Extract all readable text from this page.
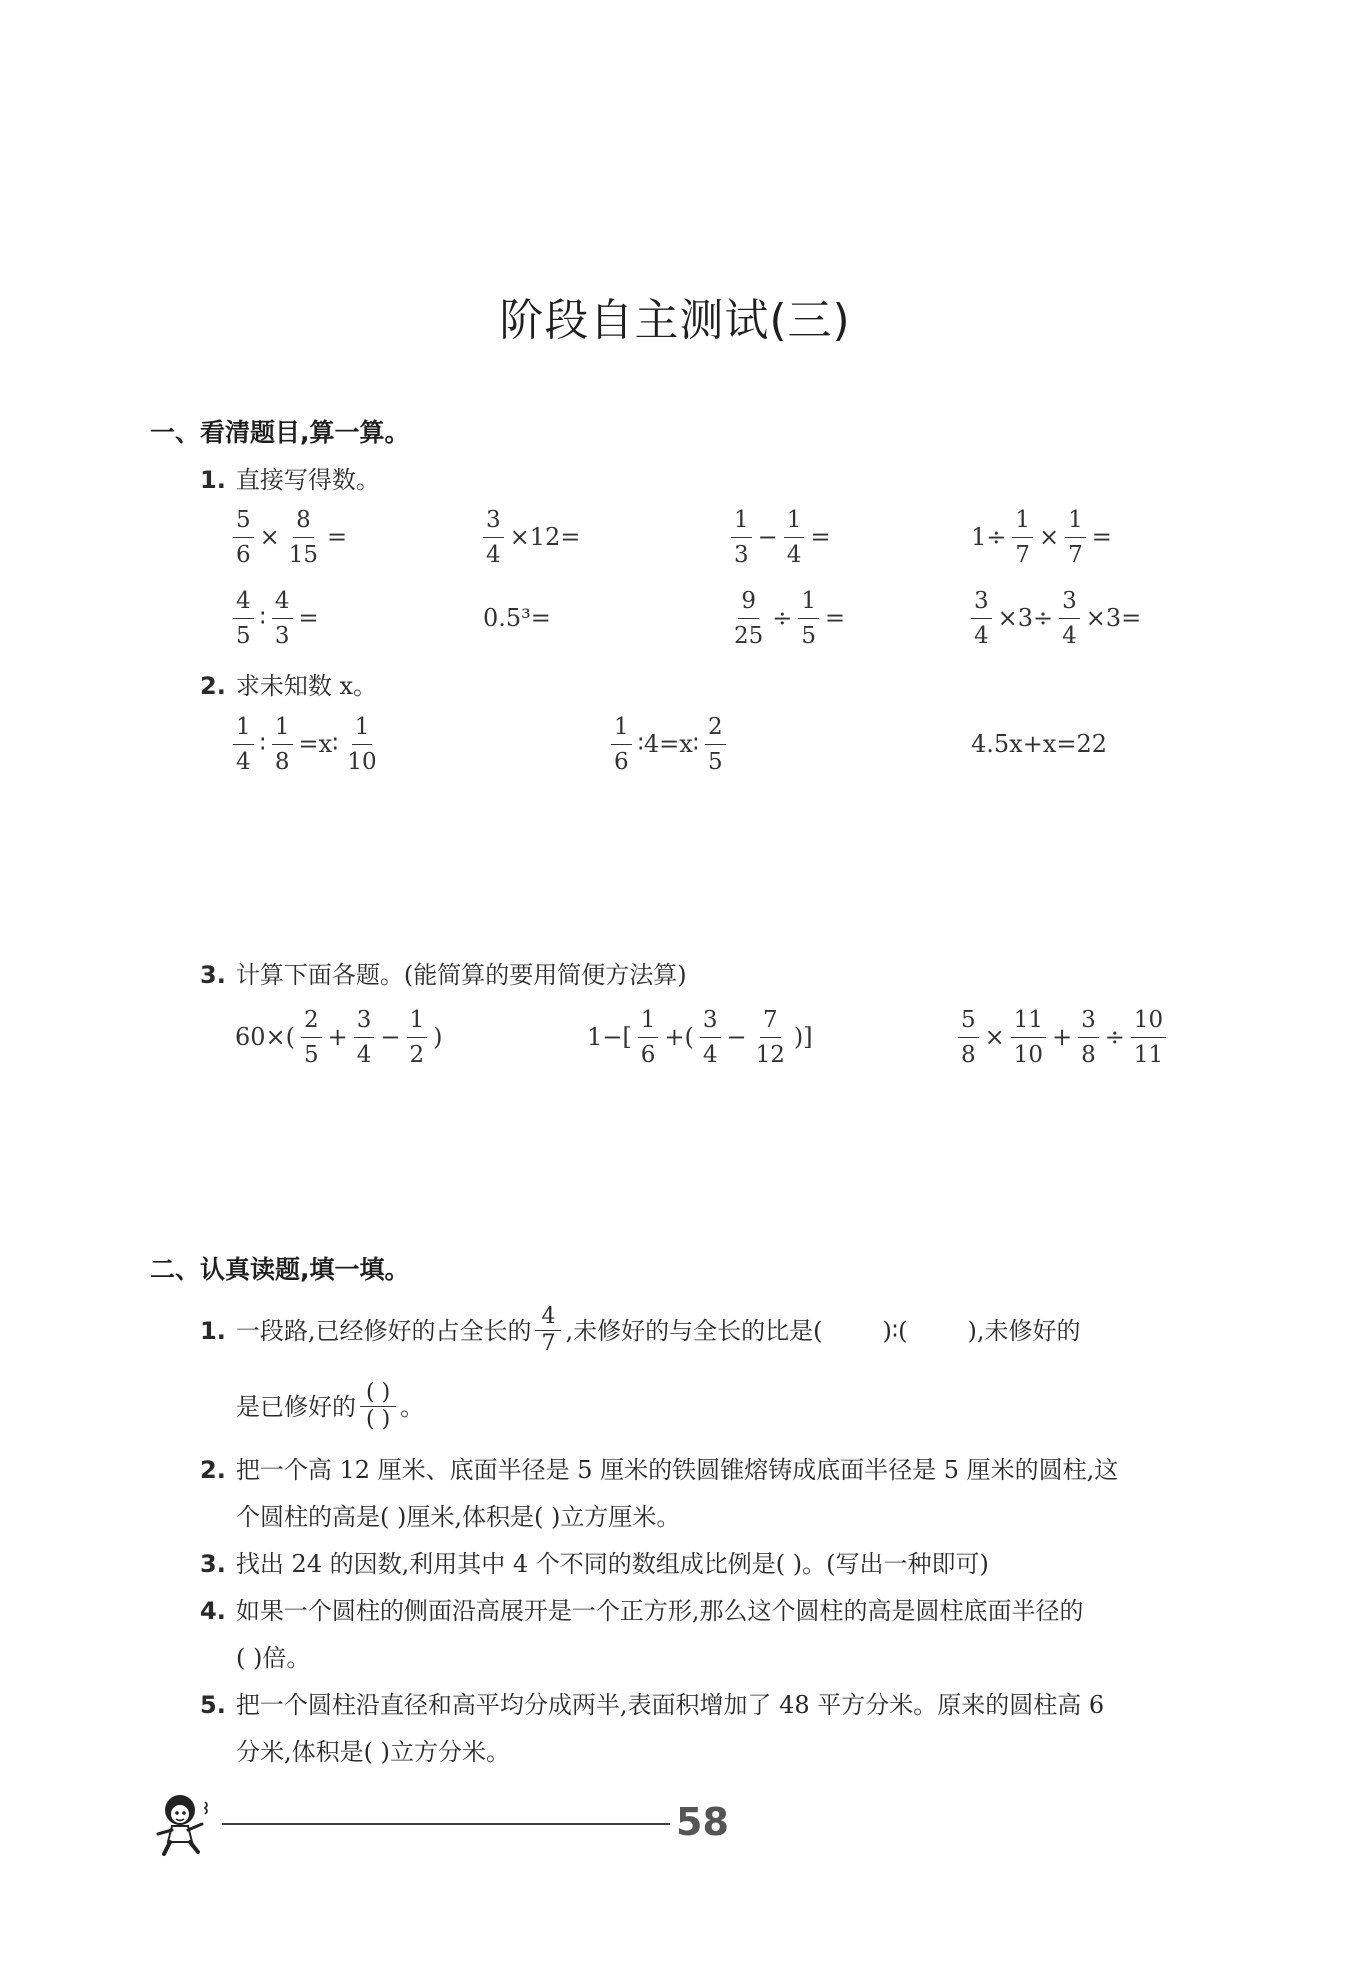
阶段自主测试(三)
一、看清题目,算一算。
1. 直接写得数。
$\frac{5}{6} \times \frac{8}{15}$ =	$\frac{3}{4} \times 12=$	$\frac{1}{3} - \frac{1}{4}$ =	$1\div \frac{1}{7} \times \frac{1}{7}$ =
$\frac{4}{5}$ ∶ $\frac{4}{3}$ =	0.5³=	$\frac{9}{25} \div \frac{1}{5}$ =	$\frac{3}{4} \times 3\div \frac{3}{4} \times 3=$
2. 求未知数 x。
$\frac{1}{4}$ ∶ $\frac{1}{8}$ =x∶ $\frac{1}{10}$	$\frac{1}{6}$ ∶4=x∶ $\frac{2}{5}$	4.5x+x=22
3. 计算下面各题。(能简算的要用简便方法算)
$60\times( \frac{2}{5} + \frac{3}{4} - \frac{1}{2}$ )	$1-[ \frac{1}{6}$ +( $\frac{3}{4} - \frac{7}{12}$ )]	$\frac{5}{8} \times \frac{11}{10} + \frac{3}{8} \div \frac{10}{11}$
二、认真读题,填一填。
1. 一段路,已经修好的占全长的 $\frac{4}{7}$ ,未修好的与全长的比是(	)∶(	),未修好的
是已修好的 ( )
( ) 。
2. 把一个高 12 厘米、底面半径是 5 厘米的铁圆锥熔铸成底面半径是 5 厘米的圆柱,这
个圆柱的高是( )厘米,体积是( )立方厘米。
3. 找出 24 的因数,利用其中 4 个不同的数组成比例是( )。(写出一种即可)
4. 如果一个圆柱的侧面沿高展开是一个正方形,那么这个圆柱的高是圆柱底面半径的
( )倍。
5. 把一个圆柱沿直径和高平均分成两半,表面积增加了 48 平方分米。原来的圆柱高 6
分米,体积是( )立方分米。
58
